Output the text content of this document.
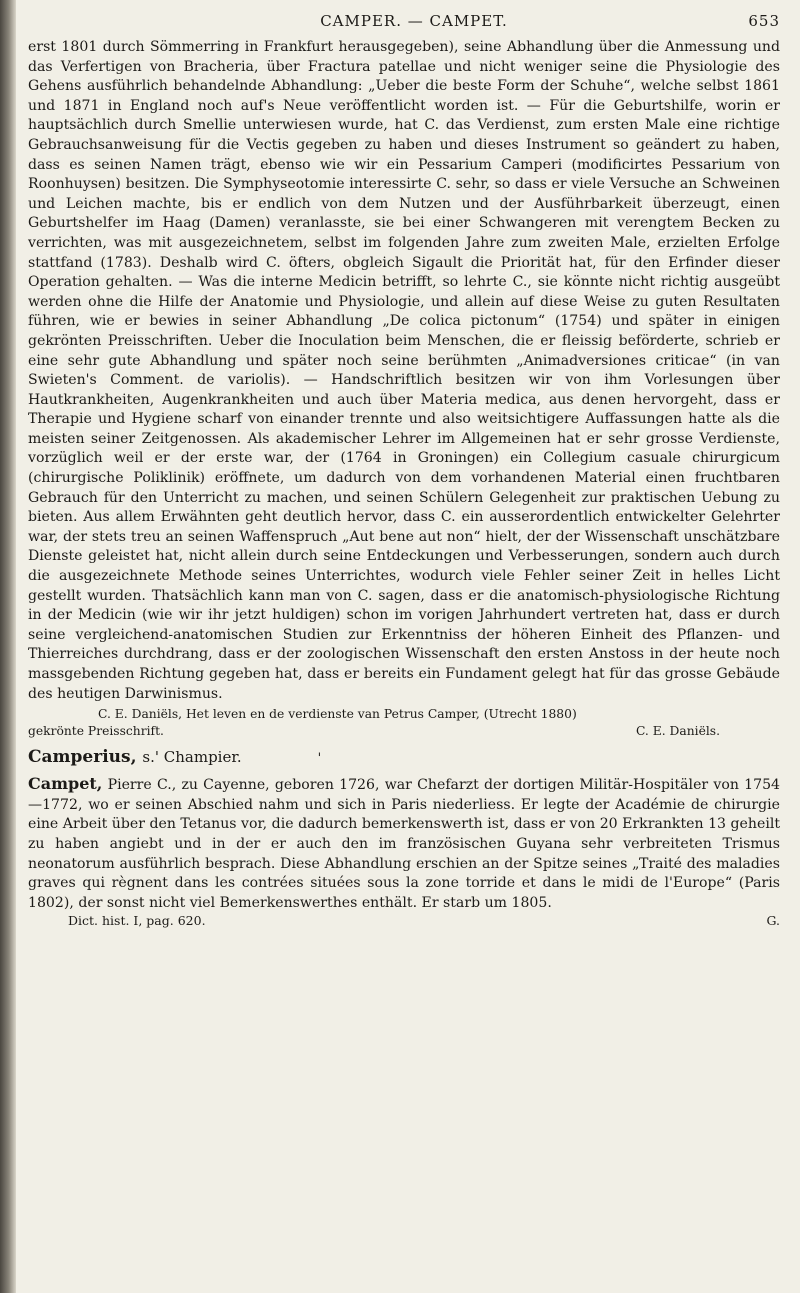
CAMPER. — CAMPET.	653

erst 1801 durch Sömmerring in Frankfurt herausgegeben), seine Abhandlung über die Anmessung und das Verfertigen von Bracheria, über Fractura patellae und nicht weniger seine die Physiologie des Gehens ausführlich behandelnde Abhandlung: „Ueber die beste Form der Schuhe“, welche selbst 1861 und 1871 in England noch auf's Neue veröffentlicht worden ist. — Für die Geburtshilfe, worin er hauptsächlich durch Smellie unterwiesen wurde, hat C. das Verdienst, zum ersten Male eine richtige Gebrauchsanweisung für die Vectis gegeben zu haben und dieses Instrument so geändert zu haben, dass es seinen Namen trägt, ebenso wie wir ein Pessarium Camperi (modificirtes Pessarium von Roonhuysen) besitzen. Die Symphyseotomie interessirte C. sehr, so dass er viele Versuche an Schweinen und Leichen machte, bis er endlich von dem Nutzen und der Ausführbarkeit überzeugt, einen Geburtshelfer im Haag (Damen) veranlasste, sie bei einer Schwangeren mit verengtem Becken zu verrichten, was mit ausgezeichnetem, selbst im folgenden Jahre zum zweiten Male, erzielten Erfolge stattfand (1783). Deshalb wird C. öfters, obgleich Sigault die Priorität hat, für den Erfinder dieser Operation gehalten. — Was die interne Medicin betrifft, so lehrte C., sie könnte nicht richtig ausgeübt werden ohne die Hilfe der Anatomie und Physiologie, und allein auf diese Weise zu guten Resultaten führen, wie er bewies in seiner Abhandlung „De colica pictonum“ (1754) und später in einigen gekrönten Preisschriften. Ueber die Inoculation beim Menschen, die er fleissig beförderte, schrieb er eine sehr gute Abhandlung und später noch seine berühmten „Animadversiones criticae“ (in van Swieten's Comment. de variolis). — Handschriftlich besitzen wir von ihm Vorlesungen über Hautkrankheiten, Augenkrankheiten und auch über Materia medica, aus denen hervorgeht, dass er Therapie und Hygiene scharf von einander trennte und also weitsichtigere Auffassungen hatte als die meisten seiner Zeitgenossen. Als akademischer Lehrer im Allgemeinen hat er sehr grosse Verdienste, vorzüglich weil er der erste war, der (1764 in Groningen) ein Collegium casuale chirurgicum (chirurgische Poliklinik) eröffnete, um dadurch von dem vorhandenen Material einen fruchtbaren Gebrauch für den Unterricht zu machen, und seinen Schülern Gelegenheit zur praktischen Uebung zu bieten. Aus allem Erwähnten geht deutlich hervor, dass C. ein ausserordentlich entwickelter Gelehrter war, der stets treu an seinen Waffenspruch „Aut bene aut non“ hielt, der der Wissenschaft unschätzbare Dienste geleistet hat, nicht allein durch seine Entdeckungen und Verbesserungen, sondern auch durch die ausgezeichnete Methode seines Unterrichtes, wodurch viele Fehler seiner Zeit in helles Licht gestellt wurden. Thatsächlich kann man von C. sagen, dass er die anatomisch-physiologische Richtung in der Medicin (wie wir ihr jetzt huldigen) schon im vorigen Jahrhundert vertreten hat, dass er durch seine vergleichend-anatomischen Studien zur Erkenntniss der höheren Einheit des Pflanzen- und Thierreiches durchdrang, dass er der zoologischen Wissenschaft den ersten Anstoss in der heute noch massgebenden Richtung gegeben hat, dass er bereits ein Fundament gelegt hat für das grosse Gebäude des heutigen Darwinismus.

C. E. Daniëls, Het leven en de verdienste van Petrus Camper, (Utrecht 1880)
gekrönte Preisschrift.	C. E. Daniëls.
Camperius, s.' Champier.	'

Campet, Pierre C., zu Cayenne, geboren 1726, war Chefarzt der dortigen Militär-Hospitäler von 1754—1772, wo er seinen Abschied nahm und sich in Paris niederliess. Er legte der Académie de chirurgie eine Arbeit über den Tetanus vor, die dadurch bemerkenswerth ist, dass er von 20 Erkrankten 13 geheilt zu haben angiebt und in der er auch den im französischen Guyana sehr verbreiteten Trismus neonatorum ausführlich besprach. Diese Abhandlung erschien an der Spitze seines „Traité des maladies graves qui règnent dans les contrées situées sous la zone torride et dans le midi de l'Europe“ (Paris 1802), der sonst nicht viel Bemerkenswerthes enthält. Er starb um 1805.

Dict. hist. I, pag. 620.	G.
